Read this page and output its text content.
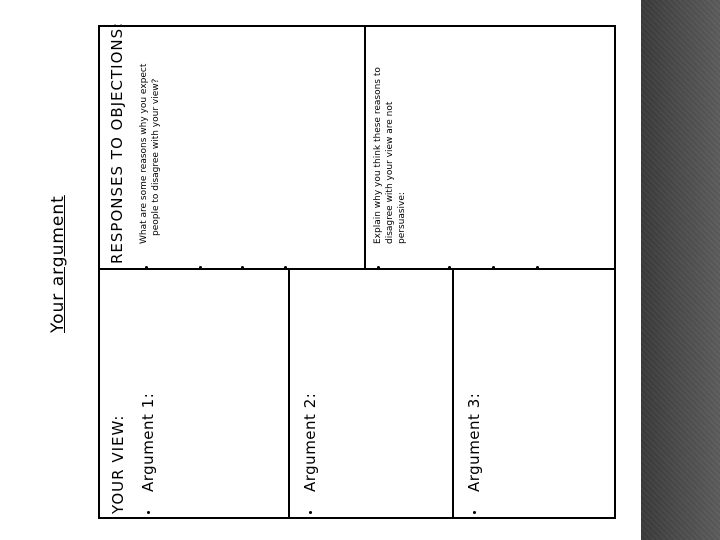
Your argument
YOUR VIEW: Argument 1:	Argument 2:	Argument 3:
RESPONSES TO OBJECTIONS: What are some reasons why you expect people to disagree with your view?	Explain why you think these reasons to disagree with your view are not persuasive:
